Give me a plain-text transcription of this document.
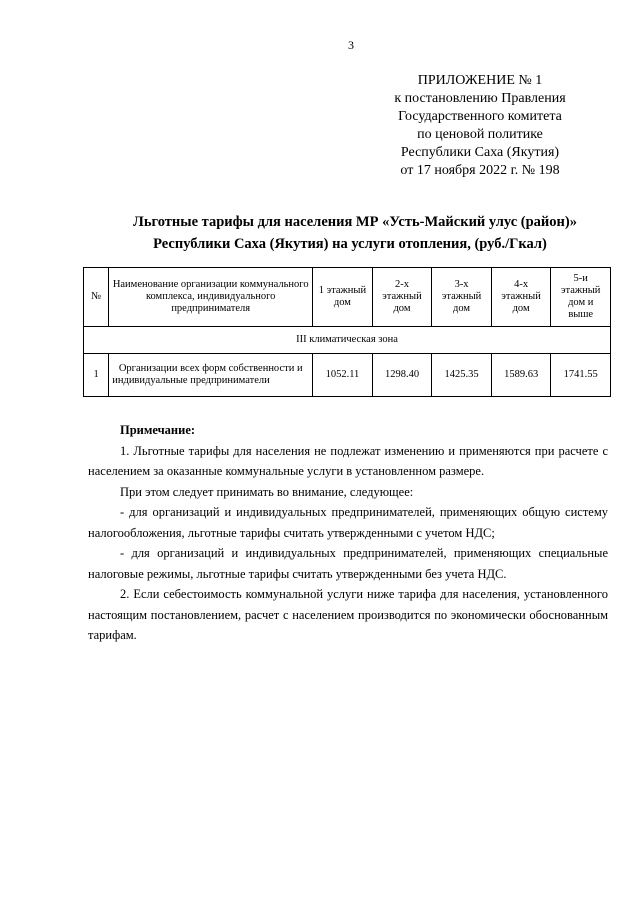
3
ПРИЛОЖЕНИЕ № 1
к постановлению Правления
Государственного комитета
по ценовой политике
Республики Саха (Якутия)
от 17 ноября 2022 г. № 198
Льготные тарифы для населения МР «Усть-Майский улус (район)»
Республики Саха (Якутия) на услуги отопления, (руб./Гкал)
№	Наименование организации коммунального комплекса, индивидуального предпринимателя	1 этажный дом	2-х этажный дом	3-х этажный дом	4-х этажный дом	5-и этажный дом и выше
III климатическая зона						
1	Организации всех форм собственности и индивидуальные предприниматели	1052.11	1298.40	1425.35	1589.63	1741.55
Примечание:

1. Льготные тарифы для населения не подлежат изменению и применяются при расчете с населением за оказанные коммунальные услуги в установленном размере.

При этом следует принимать во внимание, следующее:

- для организаций и индивидуальных предпринимателей, применяющих общую систему налогообложения, льготные тарифы считать утвержденными с учетом НДС;

- для организаций и индивидуальных предпринимателей, применяющих специальные налоговые режимы, льготные тарифы считать утвержденными без учета НДС.

2. Если себестоимость коммунальной услуги ниже тарифа для населения, установленного настоящим постановлением, расчет с населением производится по экономически обоснованным тарифам.
